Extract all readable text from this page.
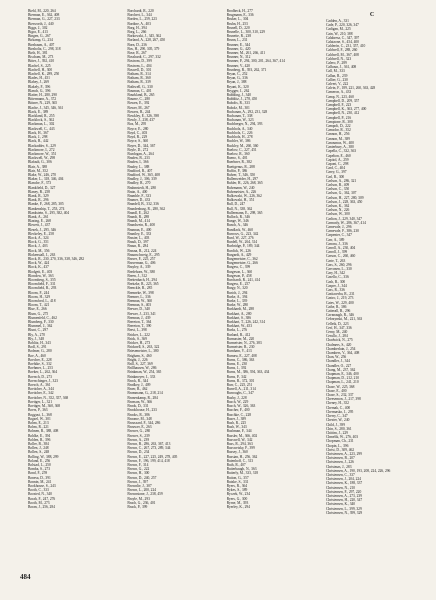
Biehl, M., 220, 264
Bierman, E., 362, 408
Bierman, G., 227, 233
Bierworth, J., 440
Biggs, J., 302
Bigra, E., 413
Bingen, G., 267
Birkamp, G., 234
Birnbaum, A., 407
Birnholtz, C., 298, 318
Birth, H., 381
Bischam, M., 273
Bitter, J., 392, 410
Blachel, S., 225
Blachell, H., 300
Blachell, K., 289, 250
Blades, H., 451
Blahey, J., 269
Blakely, F., 396
Blanch, G., 396
Blatter, H., 280, 290
Bittermann, A., 372
Bittner, N., 229, 365
Blache, J., 345, 346, 361
Black, E., 389
Blackland, R., 255
Blacklock, S., 362
Blackman, L., 302
Blackwell, C., 443
Black, H., 367
Black, J., 298
Black, R., 442
Blackadder, S., 229
Blackmore, I., 272
Blackmore, W., 351
Blackwell, W., 298
Blafault, G., 306
Blair, A., 388
Blair, M., 352
Blake, W., 246, 270
Blaker, L., 318, 346, 404
Blanche, F., 373
Blankfield, D., 327
Blaney, B., 258
Blank, R., 329
Blank, R., 296
Blanke, F., 268, 285, 305
Blankenship, T., 253, 274
Blankstein, S., 295, 382, 404
Blank, A., 261
Blazing, E., 268
Blewett, J., 437
Blezek, J., 295, 346
Bleckeley, E., 258
Block, A., 324
Block, G., 351
Block, J., 403
Block, M., 356
Blokenstall, J., 263
Block, R., 230, 270, 336, 338, 346, 282
Block, W., 424
Block, K., 437
Blodgett, E., 403
Blondow, W., 363
Bloomberg, S., 355
Bloomfield, F., 331
Bloomfield, R., 293
Bloom, F., 244
Bloom, H., 329
Bloomford, L., 418
Bloom, T., 421
Blue, E., 266
Blum, G., 275
Blumenfeld, C., 462
Blumberg, F., 330
Blummel, J., 362
Blunt, C., 297
Bly, A., 270
Bly, J., 348
Boblitz, H., 343
Bodl, S., 291
Bodmer, G., 280
Boe, A., 460
Boecher, E., 228
Boehike, S., 332
Boehmer, L., 253
Boeker, L., 262, 364
Boersch, D., 273
Boerschinger, J., 323
Boesch, A., 361
Boettcher, A., 344
Boettcher, E., 342
Boettcher, N., 352, 357, 368
Boettger, L., 321
Boettger, M., 360, 368
Boers, P., 363
Boggust, L., 368
Bogzel, W., 301
Bohm, E., 213
Bohm, R., 221
Bohnen, R., 388, 408
Bohlke, E., 394
Bolden, R., 396
Boller, B., 384
Bollen, J., 248
Bollen, S., 248
Bolling, W., 388, 299
Boland, E., 256
Bolstad, L., 250
Bomba, S., 273
Bond, F., 259
Bonesa, D., 391
Bonnin, M., 241
Bookhouse, S., 243
Booth, C., 333
Boosted, N., 340
Borah, F., 247, 276
Booth, M., 273
Boran, J., 256, 284
Borchardt, R., 220
Borchert, L., 344
Borden, L., 259, 223
Bordine, A., 403
Borg, H., 394
Borg, L., 266
Borkowski, J., 345, 362
Borland, A., 228, 267, 450
Born, D., 236
Bos, H., 290, 305, 379
Bose, R., 267
Bosshardt, C., 297, 332
Bostrom, D., 399
Bostrom, L., 404
Boswell, D., 301
Botham, R., 314
Botham, R., 360
Botham, R., 339
Bothwell, G., 330
Bouman, C., 401
Bourkland, B., 265
Bourne, C., 280
Bowen, E., 392
Bower, M., 267
Bowers, R., 244
Bowkley, E., 326, 398
Bowly, J., 238, 437
Box, M., 295
Boyce, E., 280
Boyd, C., 403
Boyd, R., 229
Boyce, S., 360
Boyer, D., 344, 367
Boyle, D., 272
Bozdogan, A., 264
Braden, B., 233
Braden, I., 366
Bradey, L., 388
Bradford, R., 407
Bradford, W., 365, 408
Bradley, J., 306, 339
Bradley, R., 270
Brahmstedt, H., 280
Brain, A., 400
Bramble, F., 333
Bramer, D., 433
Brandell, B., 332, 336
Brandenburg, R., 280, 362
Brandl, E., 262
Brandt, R., 288
Brandt, M., 414
Brandwein, R., 400
Brannan, E., 400
Brantley, E., 333
Brasier, L., 403
Brault, D., 397
Braun, R., 284
Brasna, R., 212, 224
Braunschweig, E., 295
Braver, F., 225, 257
Braverman, G., 406
Brayley, A., 339
Bredehorn, W., 380
Breen, J., 312
Breitenbach, H., 294
Breitzke, R., 223, 365
Brenckle, R., 285
Brenneke, W., 398
Brenner, L., 336
Brennan, W., 360
Brennan, S., 403
Brewer, D., 340
Brewer, J., 233, 341
Brennan, J., 439
Brereton, T., 364
Brereton, T., 390
Brest, L., 398
Bricker, L., 222
Brick, S., 369
Bricker, H., 273
Bricknell, S., 263, 322
Briesemeister, L., 380
Brigham, S., 460
Bright, J., 226
Brill, S., 227, 369
Brillhausen, W., 286
Brinkman, W., 254, 365
Brinkmeyer, J., 333
Brock, R., 344
Brodkey, J., 409
Broer, R., 462
Brommann, G., 218, 214
Bronenkamp, R., 284
Bronson, W., 366
Brook, D., 331
Brookhouse, H., 233
Brooks, R., 386
Broome, M., 348
Broussard, F., 344, 286
Brouwer, E., 263
Brower, G., 280
Brower, S., 239
Brown, A., 239
Brown, B., 286, 263, 367, 413
Brown, C., 267, 273, 289, 344
Brown, D., 234
Brown, E., 227, 225, 249, 278, 405
Brown, F., 196, 199, 414, 418
Brown, F., 314
Brown, G., 222
Brown, H., 300
Brown, D., 240, 257
Brown, J., 397
Brownlie, J., 307
Brown, L., 200, 224
Brownstone, J., 238, 459
Broyle, M., 293
Bruch, G., 236, 401
Bruck, P., 399
Brodbeck, H., 277
Brugmann, E., 336
Bruker, L., 304
Bruhn, H., 253
Brunell, D., 220
Brunelle, L., 300, 310, 229
Brunette, R., 238
Brunn, L., 231
Brunner, E., 344
Brunner, G., 420
Brunner, M., 261, 266, 411
Brunner, N., 312
Brunner, P., 294, 300, 201, 264, 367, 414
Brunner, V., 420
Brunberg, R., 393, 262, 371
Bryan, C., 252
Bryan, G., 336
Bryan, J., 388
Bryant, K., 320
Brygger, J., 262
Bubbling, J., 340
Bubblitz, J., 278, 450
Bubolts, R., 333
Bubolz, M., 301
Buchanan, A., 292, 231, 328
Buchanan, T., 338
Buchanan, W., 323
Buchberger, N., 294, 393
Buchholz, A., 340
Buchholz, C., 226
Buchholz, H., 278
Buchler, W., 386
Buckley, M., 260, 360
Buelow, C., 227, 451
Buelow, R., 360
Bueno, S., 401
Buerhner, R., 382
Buettgenus, R., 288
Buffin, P., 386
Buhrer, T., 346, 350
Bullenweider, H., 297
Buhler, H., 226, 268, 365
Buhrmann, W., 240
Buhrmeister, A., 226
Bulkowski, W., 226, 362
Bulkowski, H., 351
Bull, D., 247
Bull, N., 338, 362
Bullermann, E., 298, 365
Bullock, R., 346
Bunge, W., 346
Bunch, A., 346
Bundlack, W., 460
Burrows, G., 223, 342
Burd, W., 227, 276
Burdell, W., 264, 314
Burbridge, P., 189, 344
Burdick, W., 226
Burgardt, A., 429
Burgemeister, C., 362
Burgemeister, G., 266
Burgess, C., 399
Burgeson, L., 360
Burgeson, P., 458
Burchardt, R., 241, 414
Burgess, E., 257
Burgy, N., 320
Burich, J., 294
Burke, A., 394
Burke, L., 339
Burke, W., 280
Burkhardt, M., 288
Burkhart, A., 280
Burkhart, S., 386
Burkhart, T., 226, 242, 314
Burkhart, W., 453
Burks, L., 276
Burland, R., 412
Burmaster, M., 220
Burmeister, N., 276, 383
Burmeister, R., 230
Burnham, V., 413
Burnaw, E., 227, 408
Burns, C., 386, 363
Burns, E., 230
Burns, J., 392
Burns, M., 386, 394, 363, 434
Burns, P., 342
Burns, R., 372, 301
Burr, C., 225, 251
Burrell, A., 211, 314
Burroughs, C., 347
Busby, J., 228
Busch, W., 229
Busch, W., 326, 363
Buscher, F., 400
Buschke, C., 228
Buser, J., 389
Bush, R., 225
Bush, W., 343
Bushman, F., 344
Bussler, M., 366, 402
Busswell, W., 342
Buss, R., 294, 363
Busswetsky, F., 399
Bussey, J., 360
Bussian, H., 256, 362
Butenhoff, C., 313
Buth, R., 407
Butterbaugh, N., 363
Butterly, M., 333, 318
Button, G., 357
Butzke, S., 331
Byers, R., 364
Bykes, S., 389
Byczek, W., 234
Byers, G., 300
Byrne, M., 393
Byerley, K., 294
C
Cadden, A., 331
Cade, P., 220, 326, 347
Cadigan, M., 225
Cain, W., 210, 388
Calabresa, C., 347, 397
Calatzone, S., 454, 400
Calderón, C., 231, 357, 410
Caldwell, F., 288, 260
Caldwell, M., 367, 408
Caldwell, N., 323
Calero, P., 289
Calhoun, J., 361, 408
Call, M., 333
Callan, R., 239
Callier, G., 230
Calvert, V., 222
Calvin, F., 189, 221, 260, 363, 428
Cameron, A., 433
Camp, N., 223, 460
Campbell, D., 209, 357
Campbell, F., 223
Campbell, K., 363, 277, 400
Campbell, N., 230, 412
Campbell, P., 216
Campione, R., 300
Campoli, D., 222
Camsdor, R., 352
Cannon, H., 256
Cannon, M., 389
Canoumus, W., 400
Canterbury, A., 380
Capella, C., 332, 363
Capelton, E., 460
Capitol, A., 259
Caponi, C., 298
Card, C., 404
Carey, G., 397
Carl, R., 300
Carlson, A., 286, 321
Carlson, B., 409
Carlson, C., 350
Carlson, G., 362, 307
Carlson, H., 227, 280, 309
Carlson, J., 228, 363, 450
Carlson, K., 362
Carlson, N., 226
Carlson, W., 300
Carlton, J., 229, 340, 347
Carmody, W., 286, 367, 414
Carnevale, J., 296
Carnevale, F., 386, 230
Carpenter, C., 347
Carr, A., 389
Carrara, J., 336
Carroll, A., 230, 404
Carroll, J., 399
Carson, C., 260, 460
Carte, T., 263
Cass, S., 260, 296
Carvonen, L., 330
Cary, H., 342
Casello, C., 336
Cash, R., 300
Casper, J., 344
Cass, R., 336
Castiacerba, R., 231
Castro, J., 219, 273
Cates, W., 229, 400
Cathe, R., 386
Catterall, B., 296
Cavanaugh, R., 346
Cebrzynski, M., 221, 363
Celleik, D., 223
Cerf, H., 347, 336
Cerny, M., 240
Cerullo, J., 284
Chadwick, N., 275
Chalmers, S., 420
Chamberlain, J., 254
Chambers, V., 364, 408
Chan, W., 256
Chandler, J., 344
Chandler, O., 227
Chang, M., 237, 362
Chapman, E., 346, 400
Chapman, D., 212, 210
Chapman, L., 241, 210
Chase, W., 225, 368
Chase, E., 400
Chase, S., 232, 337
Cheesemon, J., 217, 398
Cheney, H., 352
Chernak, C., 400
Chermasko, J., 295
Cherry, C., 347
Chester, W., 240
Child, J., 399
Chin, S., 280, 361
Chittim, J., 229
Chmelik, W., 276, 403
Chopman, Ch., 231
Chopin, L., 396
Christ, D., 309, 462
Christensen, A., 223, 299
Christensen, B., 207
Christensen, J., 226
Christmas, J., 283
Christensen, A., 190, 193, 208, 224, 226, 296
Christensen, C., 337
Christensen, J., 204, 224
Christensen, K., 188, 337
Christensen, N., 210
Christensen, F., 297, 220
Christensen, A., 273, 239
Christensen, H., 220, 347
Christensen, K., 340
Christensen, L., 399, 329
Christensen, N., 399, 329
484
